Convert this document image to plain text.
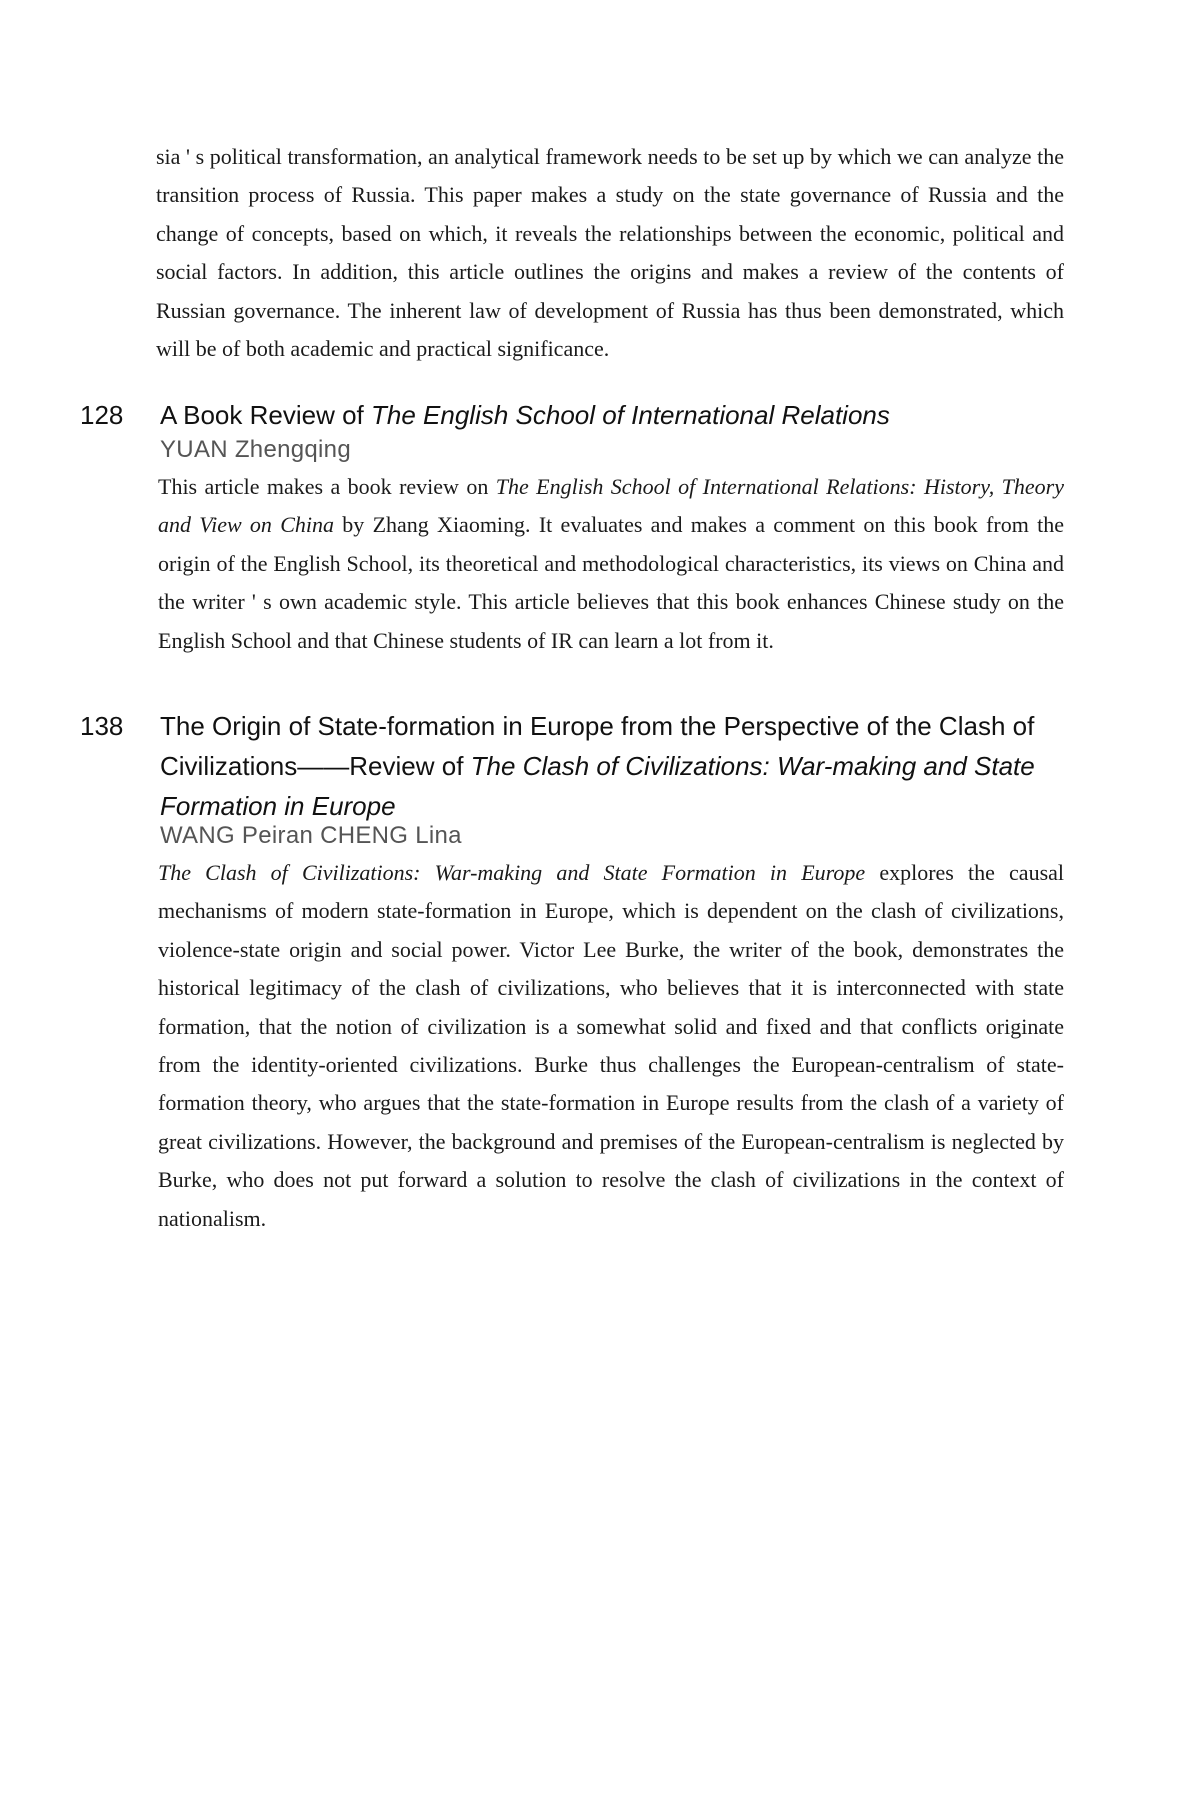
sia ' s political transformation, an analytical framework needs to be set up by which we can analyze the transition process of Russia. This paper makes a study on the state governance of Russia and the change of concepts, based on which, it reveals the relationships between the economic, political and social factors. In addition, this article outlines the origins and makes a review of the contents of Russian governance. The inherent law of development of Russia has thus been demonstrated, which will be of both academic and practical significance.

128 A Book Review of The English School of International Relations
YUAN Zhengqing

This article makes a book review on The English School of International Relations: History, Theory and View on China by Zhang Xiaoming. It evaluates and makes a comment on this book from the origin of the English School, its theoretical and methodological characteristics, its views on China and the writer ' s own academic style. This article believes that this book enhances Chinese study on the English School and that Chinese students of IR can learn a lot from it.

138 The Origin of State-formation in Europe from the Perspective of the Clash of Civilizations——Review of The Clash of Civilizations: War-making and State Formation in Europe
WANG Peiran CHENG Lina

The Clash of Civilizations: War-making and State Formation in Europe explores the causal mechanisms of modern state-formation in Europe, which is dependent on the clash of civilizations, violence-state origin and social power. Victor Lee Burke, the writer of the book, demonstrates the historical legitimacy of the clash of civilizations, who believes that it is interconnected with state formation, that the notion of civilization is a somewhat solid and fixed and that conflicts originate from the identity-oriented civilizations. Burke thus challenges the European-centralism of state-formation theory, who argues that the state-formation in Europe results from the clash of a variety of great civilizations. However, the background and premises of the European-centralism is neglected by Burke, who does not put forward a solution to resolve the clash of civilizations in the context of nationalism.
